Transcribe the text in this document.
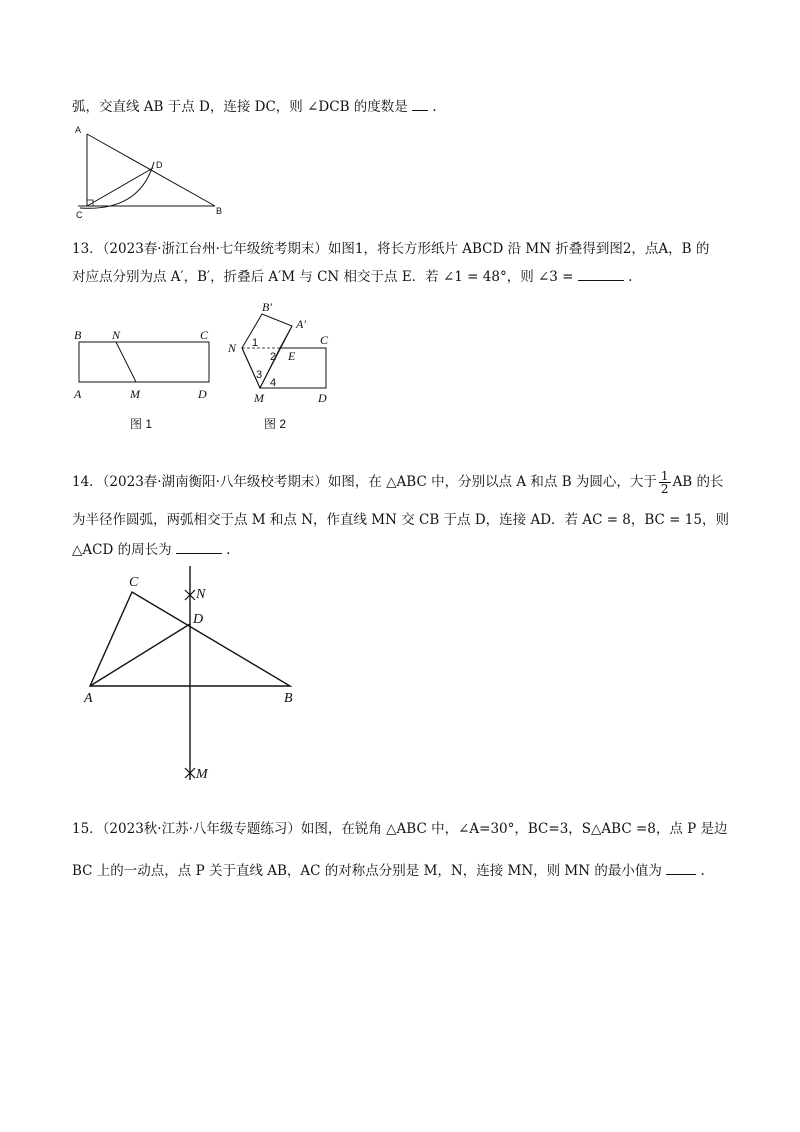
弧，交直线 AB 于点 D，连接 DC，则 ∠DCB 的度数是 .
A
D
C	B
13．（2023春·浙江台州·七年级统考期末）如图1，将长方形纸片 ABCD 沿 MN 折叠得到图2，点A，B 的
对应点分别为点 A′，B′，折叠后 A′M 与 CN 相交于点 E．若 ∠1 = 48°，则 ∠3 =	.
B	N	C
A	M	D
图 1
B′
A′
N
C
E
M	D
1
2
3
4
图 2
14．（2023春·湖南衡阳·八年级校考期末）如图，在 △ABC 中，分别以点 A 和点 B 为圆心，大于 $\frac{1}{2}$ AB 的长
为半径作圆弧，两弧相交于点 M 和点 N，作直线 MN 交 CB 于点 D，连接 AD．若 AC = 8，BC = 15，则
△ACD 的周长为	.
C
N
D
A	B
M
15．（2023秋·江苏·八年级专题练习）如图，在锐角 △ABC 中，∠A=30°，BC=3，S△ABC =8，点 P 是边
BC 上的一动点，点 P 关于直线 AB，AC 的对称点分别是 M，N，连接 MN，则 MN 的最小值为	.
